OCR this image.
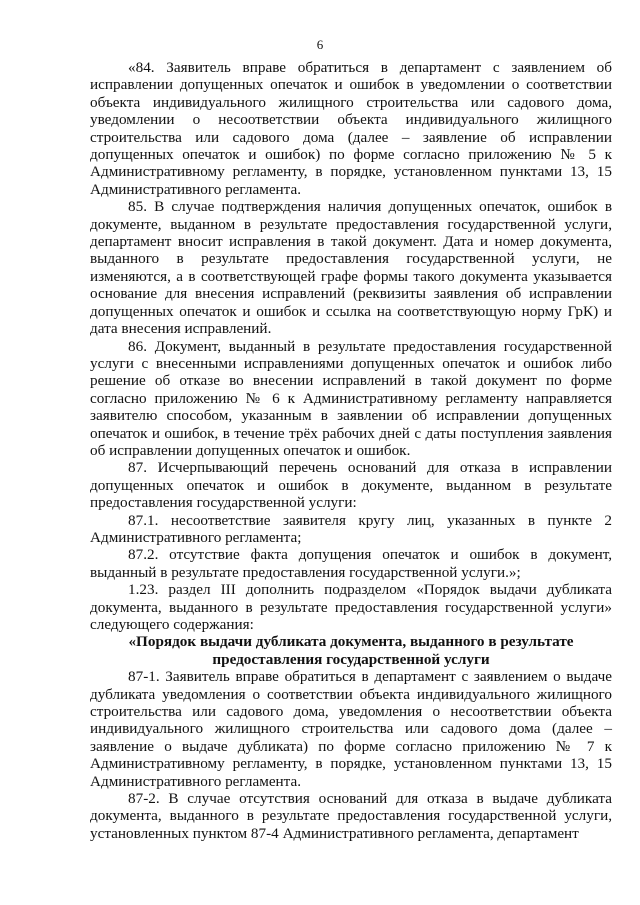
6

«84. Заявитель вправе обратиться в департамент с заявлением об исправлении допущенных опечаток и ошибок в уведомлении о соответствии объекта индивидуального жилищного строительства или садового дома, уведомлении о несоответствии объекта индивидуального жилищного строительства или садового дома (далее – заявление об исправлении допущенных опечаток и ошибок) по форме согласно приложению № 5 к Административному регламенту, в порядке, установленном пунктами 13, 15 Административного регламента.

85. В случае подтверждения наличия допущенных опечаток, ошибок в документе, выданном в результате предоставления государственной услуги, департамент вносит исправления в такой документ. Дата и номер документа, выданного в результате предоставления государственной услуги, не изменяются, а в соответствующей графе формы такого документа указывается основание для внесения исправлений (реквизиты заявления об исправлении допущенных опечаток и ошибок и ссылка на соответствующую норму ГрК) и дата внесения исправлений.

86. Документ, выданный в результате предоставления государственной услуги с внесенными исправлениями допущенных опечаток и ошибок либо решение об отказе во внесении исправлений в такой документ по форме согласно приложению № 6 к Административному регламенту направляется заявителю способом, указанным в заявлении об исправлении допущенных опечаток и ошибок, в течение трёх рабочих дней с даты поступления заявления об исправлении допущенных опечаток и ошибок.

87. Исчерпывающий перечень оснований для отказа в исправлении допущенных опечаток и ошибок в документе, выданном в результате предоставления государственной услуги:

87.1. несоответствие заявителя кругу лиц, указанных в пункте 2 Административного регламента;

87.2. отсутствие факта допущения опечаток и ошибок в документ, выданный в результате предоставления государственной услуги.»;

1.23. раздел III дополнить подразделом «Порядок выдачи дубликата документа, выданного в результате предоставления государственной услуги» следующего содержания:

«Порядок выдачи дубликата документа, выданного в результате
предоставления государственной услуги

87-1. Заявитель вправе обратиться в департамент с заявлением о выдаче дубликата уведомления о соответствии объекта индивидуального жилищного строительства или садового дома, уведомления о несоответствии объекта индивидуального жилищного строительства или садового дома (далее – заявление о выдаче дубликата) по форме согласно приложению № 7 к Административному регламенту, в порядке, установленном пунктами 13, 15 Административного регламента.

87-2. В случае отсутствия оснований для отказа в выдаче дубликата документа, выданного в результате предоставления государственной услуги, установленных пунктом 87-4 Административного регламента, департамент
